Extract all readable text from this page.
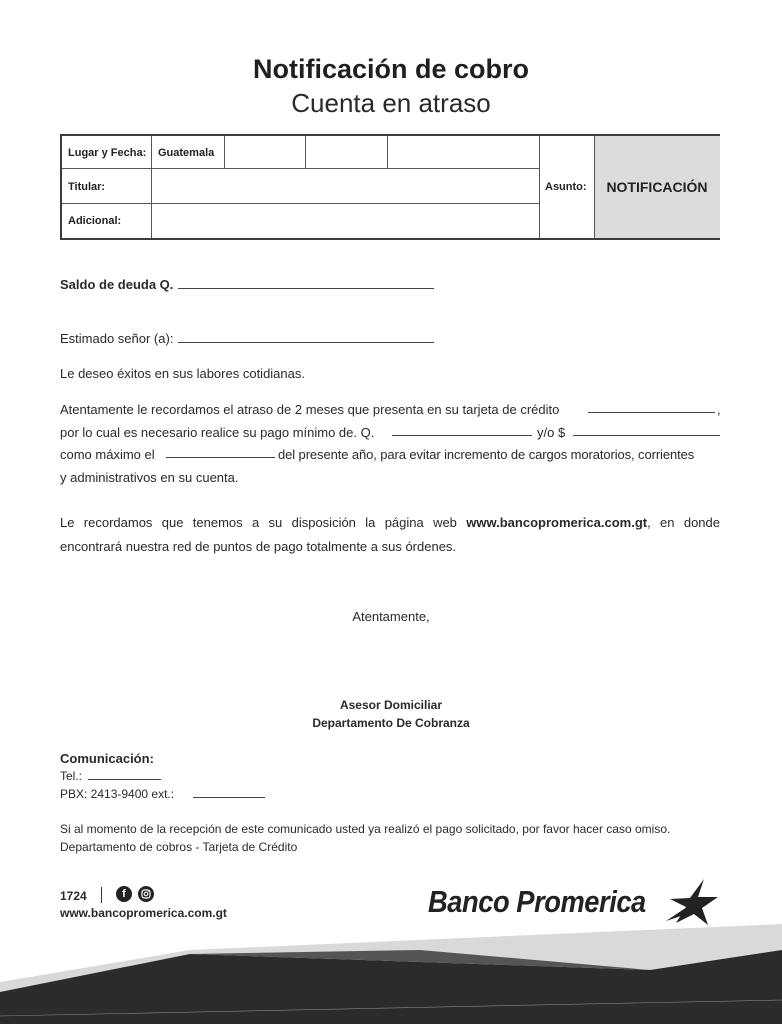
Notificación de cobro
Cuenta en atraso
Lugar y Fecha: Guatemala
Titular:
Adicional:
Asunto:	NOTIFICACIÓN
Saldo de deuda Q.
Estimado señor (a):
Le deseo éxitos en sus labores cotidianas.
Atentamente le recordamos el atraso de 2 meses que presenta en su tarjeta de crédito	,
por lo cual es necesario realice su pago mínimo de. Q.	y/o $
como máximo el	del presente año, para evitar incremento de cargos moratorios, corrientes
y administrativos en su cuenta.
Le recordamos que tenemos a su disposición la página web www.bancopromerica.com.gt, en donde
encontrará nuestra red de puntos de pago totalmente a sus órdenes.
Atentamente,
Asesor Domiciliar
Departamento De Cobranza
Comunicación:
Tel.:
PBX: 2413-9400 ext.:
Si al momento de la recepción de este comunicado usted ya realizó el pago solicitado, por favor hacer caso omiso.
Departamento de cobros - Tarjeta de Crédito
1724	f
www.bancopromerica.com.gt	Banco Promerica
